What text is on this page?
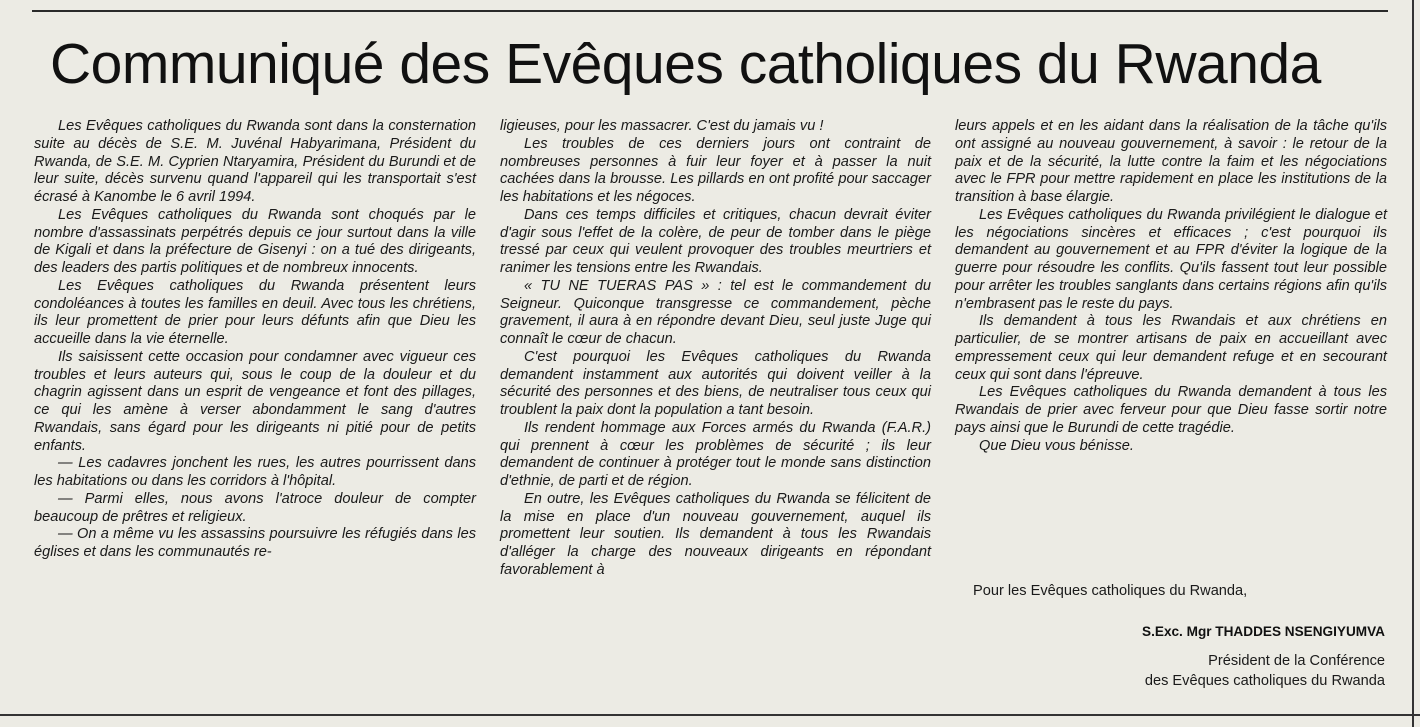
Communiqué des Evêques catholiques du Rwanda

Les Evêques catholiques du Rwanda sont dans la consternation suite au décès de S.E. M. Juvénal Habyarimana, Président du Rwanda, de S.E. M. Cyprien Ntaryamira, Président du Burundi et de leur suite, décès survenu quand l'appareil qui les transportait s'est écrasé à Kanombe le 6 avril 1994.

Les Evêques catholiques du Rwanda sont choqués par le nombre d'assassinats perpétrés depuis ce jour surtout dans la ville de Kigali et dans la préfecture de Gisenyi : on a tué des dirigeants, des leaders des partis politiques et de nombreux innocents.

Les Evêques catholiques du Rwanda présentent leurs condoléances à toutes les familles en deuil. Avec tous les chrétiens, ils leur promettent de prier pour leurs défunts afin que Dieu les accueille dans la vie éternelle.

Ils saisissent cette occasion pour condamner avec vigueur ces troubles et leurs auteurs qui, sous le coup de la douleur et du chagrin agissent dans un esprit de vengeance et font des pillages, ce qui les amène à verser abondamment le sang d'autres Rwandais, sans égard pour les dirigeants ni pitié pour de petits enfants.

— Les cadavres jonchent les rues, les autres pourrissent dans les habitations ou dans les corridors à l'hôpital.

— Parmi elles, nous avons l'atroce douleur de compter beaucoup de prêtres et religieux.

— On a même vu les assassins poursuivre les réfugiés dans les églises et dans les communautés re-

ligieuses, pour les massacrer. C'est du jamais vu !

Les troubles de ces derniers jours ont contraint de nombreuses personnes à fuir leur foyer et à passer la nuit cachées dans la brousse. Les pillards en ont profité pour saccager les habitations et les négoces.

Dans ces temps difficiles et critiques, chacun devrait éviter d'agir sous l'effet de la colère, de peur de tomber dans le piège tressé par ceux qui veulent provoquer des troubles meurtriers et ranimer les tensions entre les Rwandais.

« TU NE TUERAS PAS » : tel est le commandement du Seigneur. Quiconque transgresse ce commandement, pèche gravement, il aura à en répondre devant Dieu, seul juste Juge qui connaît le cœur de chacun.

C'est pourquoi les Evêques catholiques du Rwanda demandent instamment aux autorités qui doivent veiller à la sécurité des personnes et des biens, de neutraliser tous ceux qui troublent la paix dont la population a tant besoin.

Ils rendent hommage aux Forces armés du Rwanda (F.A.R.) qui prennent à cœur les problèmes de sécurité ; ils leur demandent de continuer à protéger tout le monde sans distinction d'ethnie, de parti et de région.

En outre, les Evêques catholiques du Rwanda se félicitent de la mise en place d'un nouveau gouvernement, auquel ils promettent leur soutien. Ils demandent à tous les Rwandais d'alléger la charge des nouveaux dirigeants en répondant favorablement à

leurs appels et en les aidant dans la réalisation de la tâche qu'ils ont assigné au nouveau gouvernement, à savoir : le retour de la paix et de la sécurité, la lutte contre la faim et les négociations avec le FPR pour mettre rapidement en place les institutions de la transition à base élargie.

Les Evêques catholiques du Rwanda privilégient le dialogue et les négociations sincères et efficaces ; c'est pourquoi ils demandent au gouvernement et au FPR d'éviter la logique de la guerre pour résoudre les conflits. Qu'ils fassent tout leur possible pour arrêter les troubles sanglants dans certains régions afin qu'ils n'embrasent pas le reste du pays.

Ils demandent à tous les Rwandais et aux chrétiens en particulier, de se montrer artisans de paix en accueillant avec empressement ceux qui leur demandent refuge et en secourant ceux qui sont dans l'épreuve.

Les Evêques catholiques du Rwanda demandent à tous les Rwandais de prier avec ferveur pour que Dieu fasse sortir notre pays ainsi que le Burundi de cette tragédie.

Que Dieu vous bénisse.

Pour les Evêques catholiques du Rwanda,
S.Exc. Mgr THADDES NSENGIYUMVA
Président de la Conférence
des Evêques catholiques du Rwanda
